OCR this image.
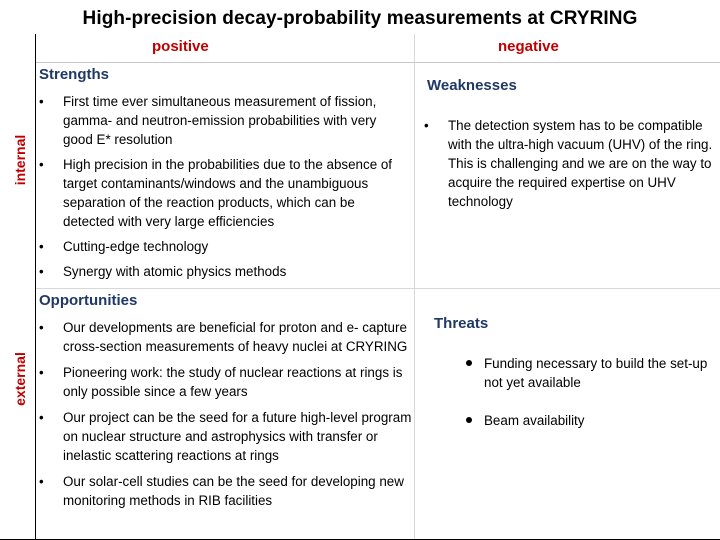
High-precision decay-probability measurements at CRYRING
positive	negative
internal
external
Strengths
• First time ever simultaneous measurement of fission, gamma- and neutron-emission probabilities with very good E* resolution
• High precision in the probabilities due to the absence of target contaminants/windows and the unambiguous separation of the reaction products, which can be detected with very large efficiencies
• Cutting-edge technology
• Synergy with atomic physics methods
Weaknesses
• The detection system has to be compatible with the ultra-high vacuum (UHV) of the ring. This is challenging and we are on the way to acquire the required expertise on UHV technology
Opportunities
• Our developments are beneficial for proton and e- capture cross-section measurements of heavy nuclei at CRYRING
• Pioneering work: the study of nuclear reactions at rings is only possible since a few years
• Our project can be the seed for a future high-level program on nuclear structure and astrophysics with transfer or inelastic scattering reactions at rings
• Our solar-cell studies can be the seed for developing new monitoring methods in RIB facilities
Threats
Funding necessary to build the set-up not yet available
Beam availability
